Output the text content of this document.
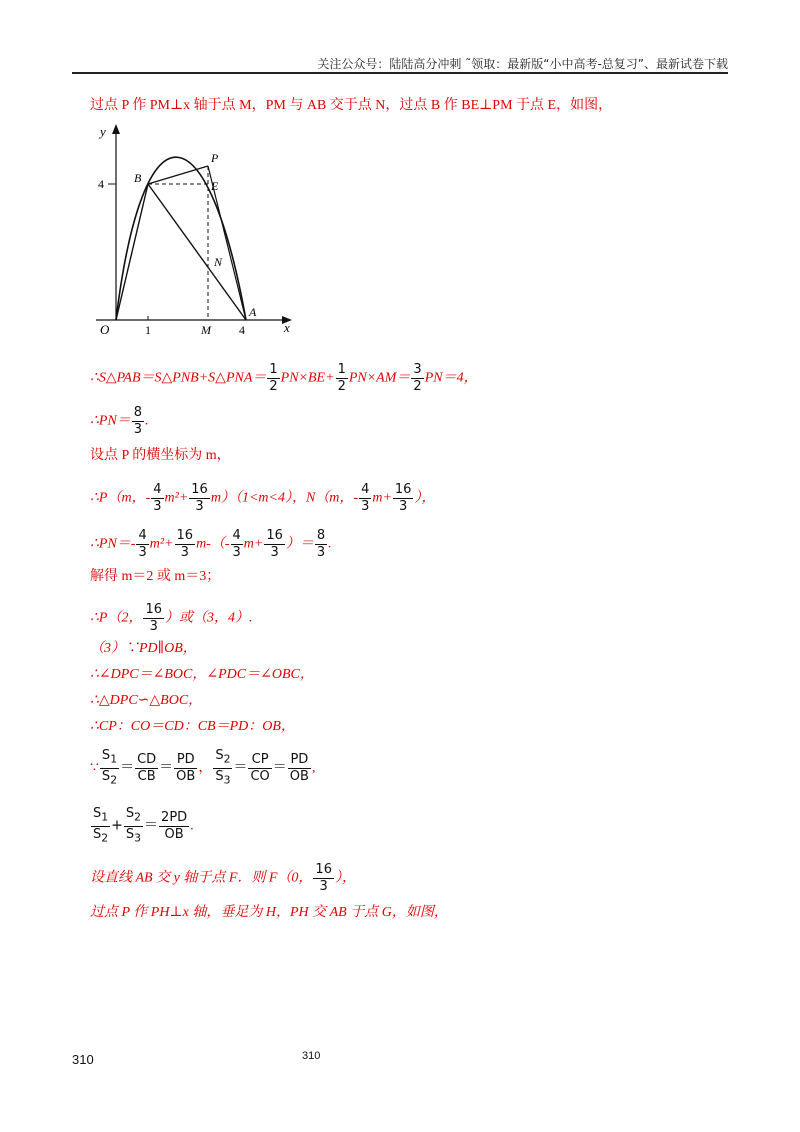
关注公众号：陆陆高分冲刺 ˜领取：最新版“小中高考-总复习”、最新试卷下载
过点 P 作 PM⊥x 轴于点 M，PM 与 AB 交于点 N，过点 B 作 BE⊥PM 于点 E，如图，
y
x
O	1	4
4	B
P
E
N
M
A
∴S△PAB＝S△PNB+S△PNA＝ $\frac{1}{2} PN\times BE+ \frac{1}{2} PN\times AM= \frac{3}{2} PN=4$，
∴PN＝ $\frac{8}{3}$ .
设点 P 的横坐标为 m，
∴P（m，- $\frac{4}{3} m^2+ \frac{16}{3} m)(1<m<4)$，N（m，- $\frac{4}{3} m+ \frac{16}{3}$ ），
∴PN＝- $\frac{4}{3} m^2+ \frac{16}{3} m-(- \frac{4}{3} m+ \frac{16}{3}$ ）＝ $\frac{8}{3}$ .
解得 m＝2 或 m＝3；
∴P（2， $\frac{16}{3}$ ）或（3，4）.
（3）∵PD∥OB，
∴∠DPC＝∠BOC，∠PDC＝∠OBC，
∴△DPC∽△BOC，
∴CP：CO＝CD：CB＝PD：OB，
∵ $\frac{S_1}{S_2} = \frac{CD}{CB} = \frac{PD}{OB}$ ， $\frac{S_2}{S_3} = \frac{CP}{CO} = \frac{PD}{OB}$ ,
$\frac{S_1}{S_2} + \frac{S_2}{S_3} = \frac{2PD}{OB}$ .
设直线 AB 交 y 轴于点 F．则 F（0， $\frac{16}{3}$ ），
过点 P 作 PH⊥x 轴，垂足为 H，PH 交 AB 于点 G，如图，
310	310
